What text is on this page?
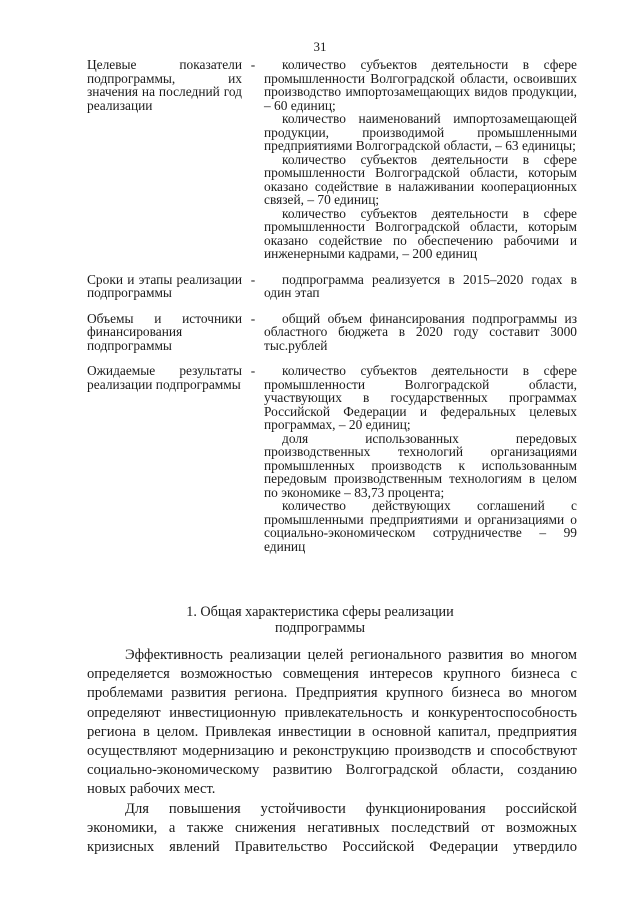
31
Целевые показатели подпрограммы, их значения на последний год реализации
-	количество субъектов деятельности в сфере промышленности Волгоградской области, освоивших производство импортозамещающих видов продукции, – 60 единиц;

количество наименований импортозамещающей продукции, производимой промышленными предприятиями Волгоградской области, – 63 единицы;

количество субъектов деятельности в сфере промышленности Волгоградской области, которым оказано содействие в налаживании кооперационных связей, – 70 единиц;

количество субъектов деятельности в сфере промышленности Волгоградской области, которым оказано содействие по обеспечению рабочими и инженерными кадрами, – 200 единиц

Сроки и этапы реализации подпрограммы
-	подпрограмма реализуется в 2015–2020 годах в один этап

Объемы и источники финансирования подпрограммы
-	общий объем финансирования подпрограммы из областного бюджета в 2020 году составит 3000 тыс.рублей

Ожидаемые результаты реализации подпрограммы
-	количество субъектов деятельности в сфере промышленности Волгоградской области, участвующих в государственных программах Российской Федерации и федеральных целевых программах, – 20 единиц;

доля использованных передовых производственных технологий организациями промышленных производств к использованным передовым производственным технологиям в целом по экономике – 83,73 процента;

количество действующих соглашений с промышленными предприятиями и организациями о социально-экономическом сотрудничестве – 99 единиц

1. Общая характеристика сферы реализации
подпрограммы

Эффективность реализации целей регионального развития во многом определяется возможностью совмещения интересов крупного бизнеса с проблемами развития региона. Предприятия крупного бизнеса во многом определяют инвестиционную привлекательность и конкурентоспособность региона в целом. Привлекая инвестиции в основной капитал, предприятия осуществляют модернизацию и реконструкцию производств и способствуют социально-экономическому развитию Волгоградской области, созданию новых рабочих мест.

Для повышения устойчивости функционирования российской экономики, а также снижения негативных последствий от возможных кризисных явлений Правительство Российской Федерации утвердило
